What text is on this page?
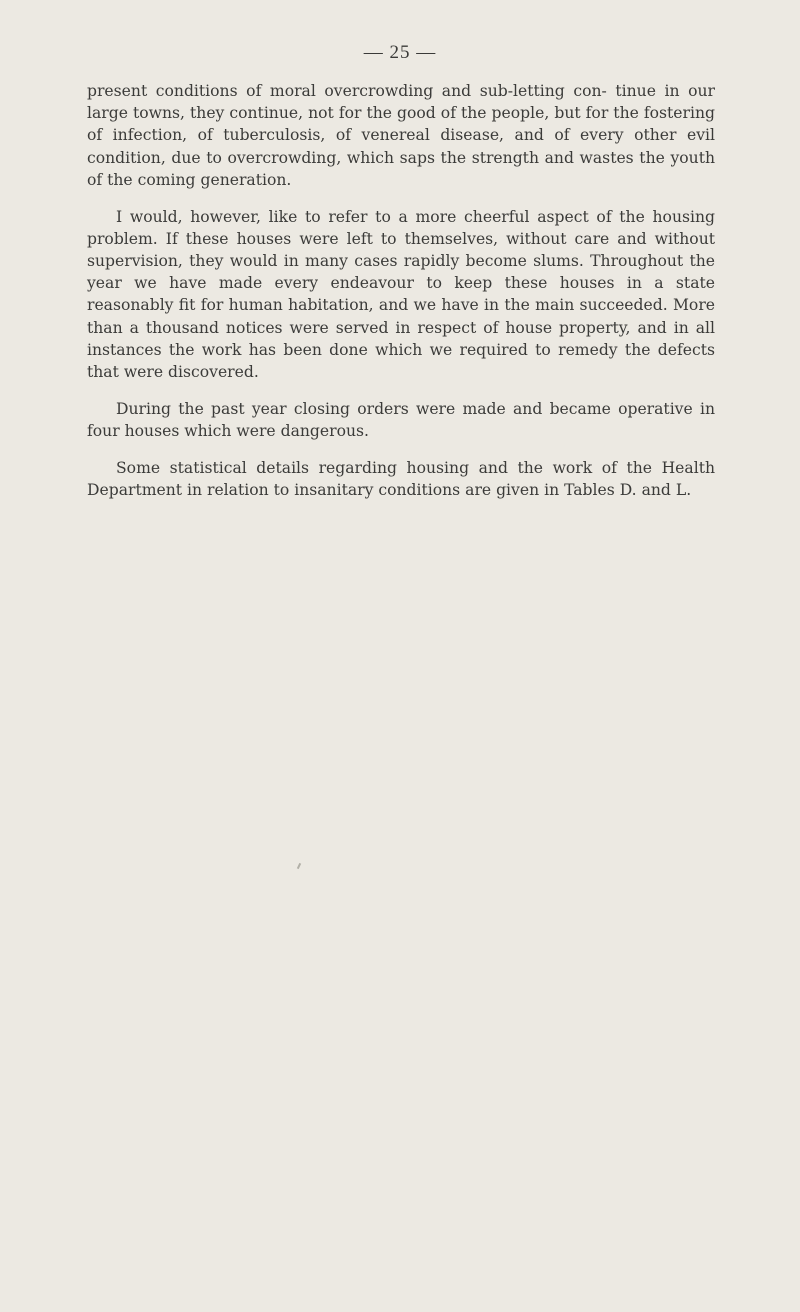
— 25 —

present conditions of moral overcrowding and sub-letting con- tinue in our large towns, they continue, not for the good of the people, but for the fostering of infection, of tuberculosis, of venereal disease, and of every other evil condition, due to overcrowding, which saps the strength and wastes the youth of the coming generation.

I would, however, like to refer to a more cheerful aspect of the housing problem. If these houses were left to themselves, without care and without supervision, they would in many cases rapidly become slums. Throughout the year we have made every endeavour to keep these houses in a state reasonably fit for human habitation, and we have in the main succeeded. More than a thousand notices were served in respect of house property, and in all instances the work has been done which we required to remedy the defects that were discovered.

During the past year closing orders were made and became operative in four houses which were dangerous.

Some statistical details regarding housing and the work of the Health Department in relation to insanitary conditions are given in Tables D. and L.
